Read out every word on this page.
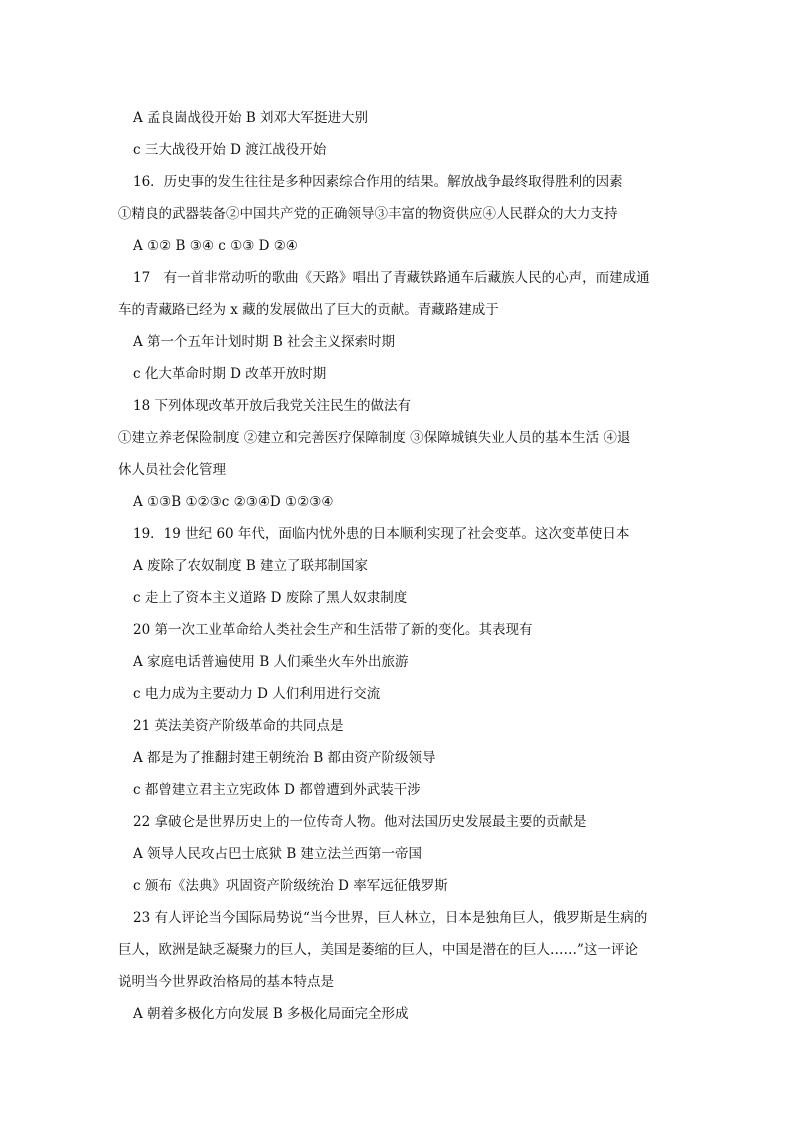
A 孟良崮战役开始 B 刘邓大军挺进大别
c 三大战役开始 D 渡江战役开始
16．历史事的发生往往是多种因素综合作用的结果。解放战争最终取得胜利的因素
①精良的武器装备②中国共产党的正确领导③丰富的物资供应④人民群众的大力支持
A ①② B ③④ c ①③ D ②④
17　有一首非常动听的歌曲《天路》唱出了青藏铁路通车后藏族人民的心声，而建成通
车的青藏路已经为 x 藏的发展做出了巨大的贡献。青藏路建成于
A 第一个五年计划时期 B 社会主义探索时期
c 化大革命时期 D 改革开放时期
18 下列体现改革开放后我党关注民生的做法有
①建立养老保险制度 ②建立和完善医疗保障制度 ③保障城镇失业人员的基本生活 ④退
休人员社会化管理
A ①③B ①②③c ②③④D ①②③④
19．19 世纪 60 年代，面临内忧外患的日本顺利实现了社会变革。这次变革使日本
A 废除了农奴制度 B 建立了联邦制国家
c 走上了资本主义道路 D 废除了黑人奴隶制度
20 第一次工业革命给人类社会生产和生活带了新的变化。其表现有
A 家庭电话普遍使用 B 人们乘坐火车外出旅游
c 电力成为主要动力 D 人们利用进行交流
21 英法美资产阶级革命的共同点是
A 都是为了推翻封建王朝统治 B 都由资产阶级领导
c 都曾建立君主立宪政体 D 都曾遭到外武装干涉
22 拿破仑是世界历史上的一位传奇人物。他对法国历史发展最主要的贡献是
A 领导人民攻占巴士底狱 B 建立法兰西第一帝国
c 颁布《法典》巩固资产阶级统治 D 率军远征俄罗斯
23 有人评论当今国际局势说“当今世界，巨人林立，日本是独角巨人，俄罗斯是生病的
巨人，欧洲是缺乏凝聚力的巨人，美国是萎缩的巨人，中国是潜在的巨人……”这一评论
说明当今世界政治格局的基本特点是
A 朝着多极化方向发展 B 多极化局面完全形成
